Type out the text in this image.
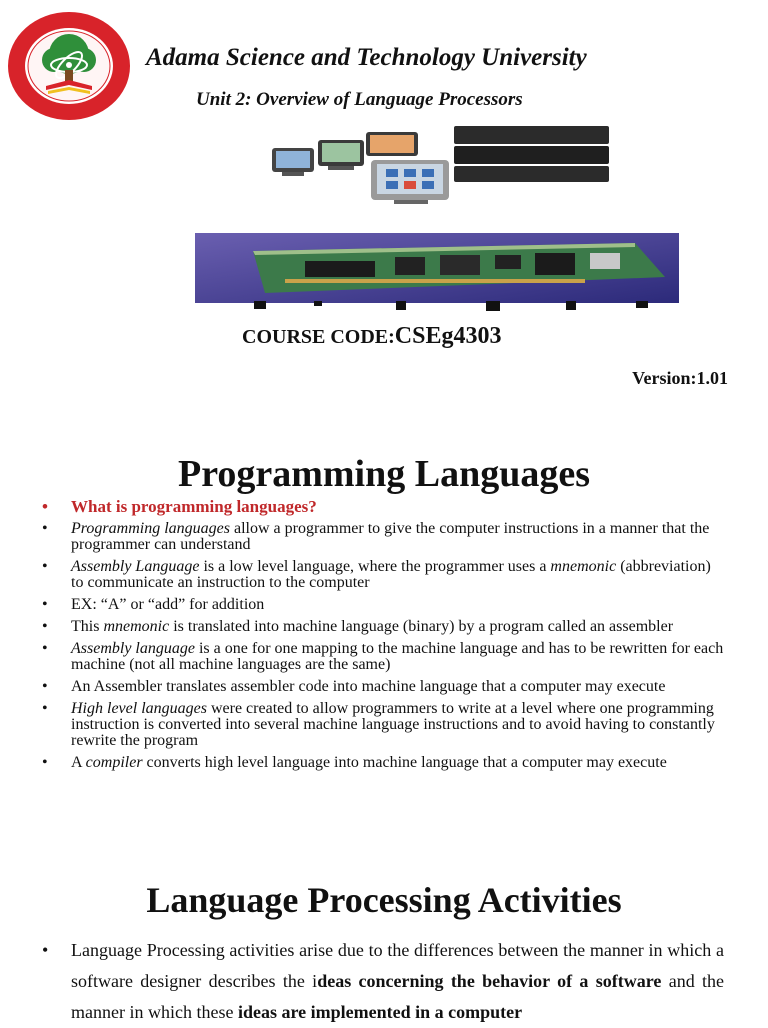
Adama Science and Technology University
Unit 2: Overview of Language Processors
COURSE CODE:CSEg4303
Version:1.01
Programming Languages
• What is programming languages?
• Programming languages allow a programmer to give the computer instructions in a manner that the programmer can understand
• Assembly Language is a low level language, where the programmer uses a mnemonic (abbreviation) to communicate an instruction to the computer
• EX: “A” or “add” for addition
• This mnemonic is translated into machine language (binary) by a program called an assembler
• Assembly language is a one for one mapping to the machine language and has to be rewritten for each machine (not all machine languages are the same)
• An Assembler translates assembler code into machine language that a computer may execute
• High level languages were created to allow programmers to write at a level where one programming instruction is converted into several machine language instructions and to avoid having to constantly rewrite the program
• A compiler converts high level language into machine language that a computer may execute
Language Processing Activities
• Language Processing activities arise due to the differences between the manner in which a software designer describes the ideas concerning the behavior of a software and the manner in which these ideas are implemented in a computer
